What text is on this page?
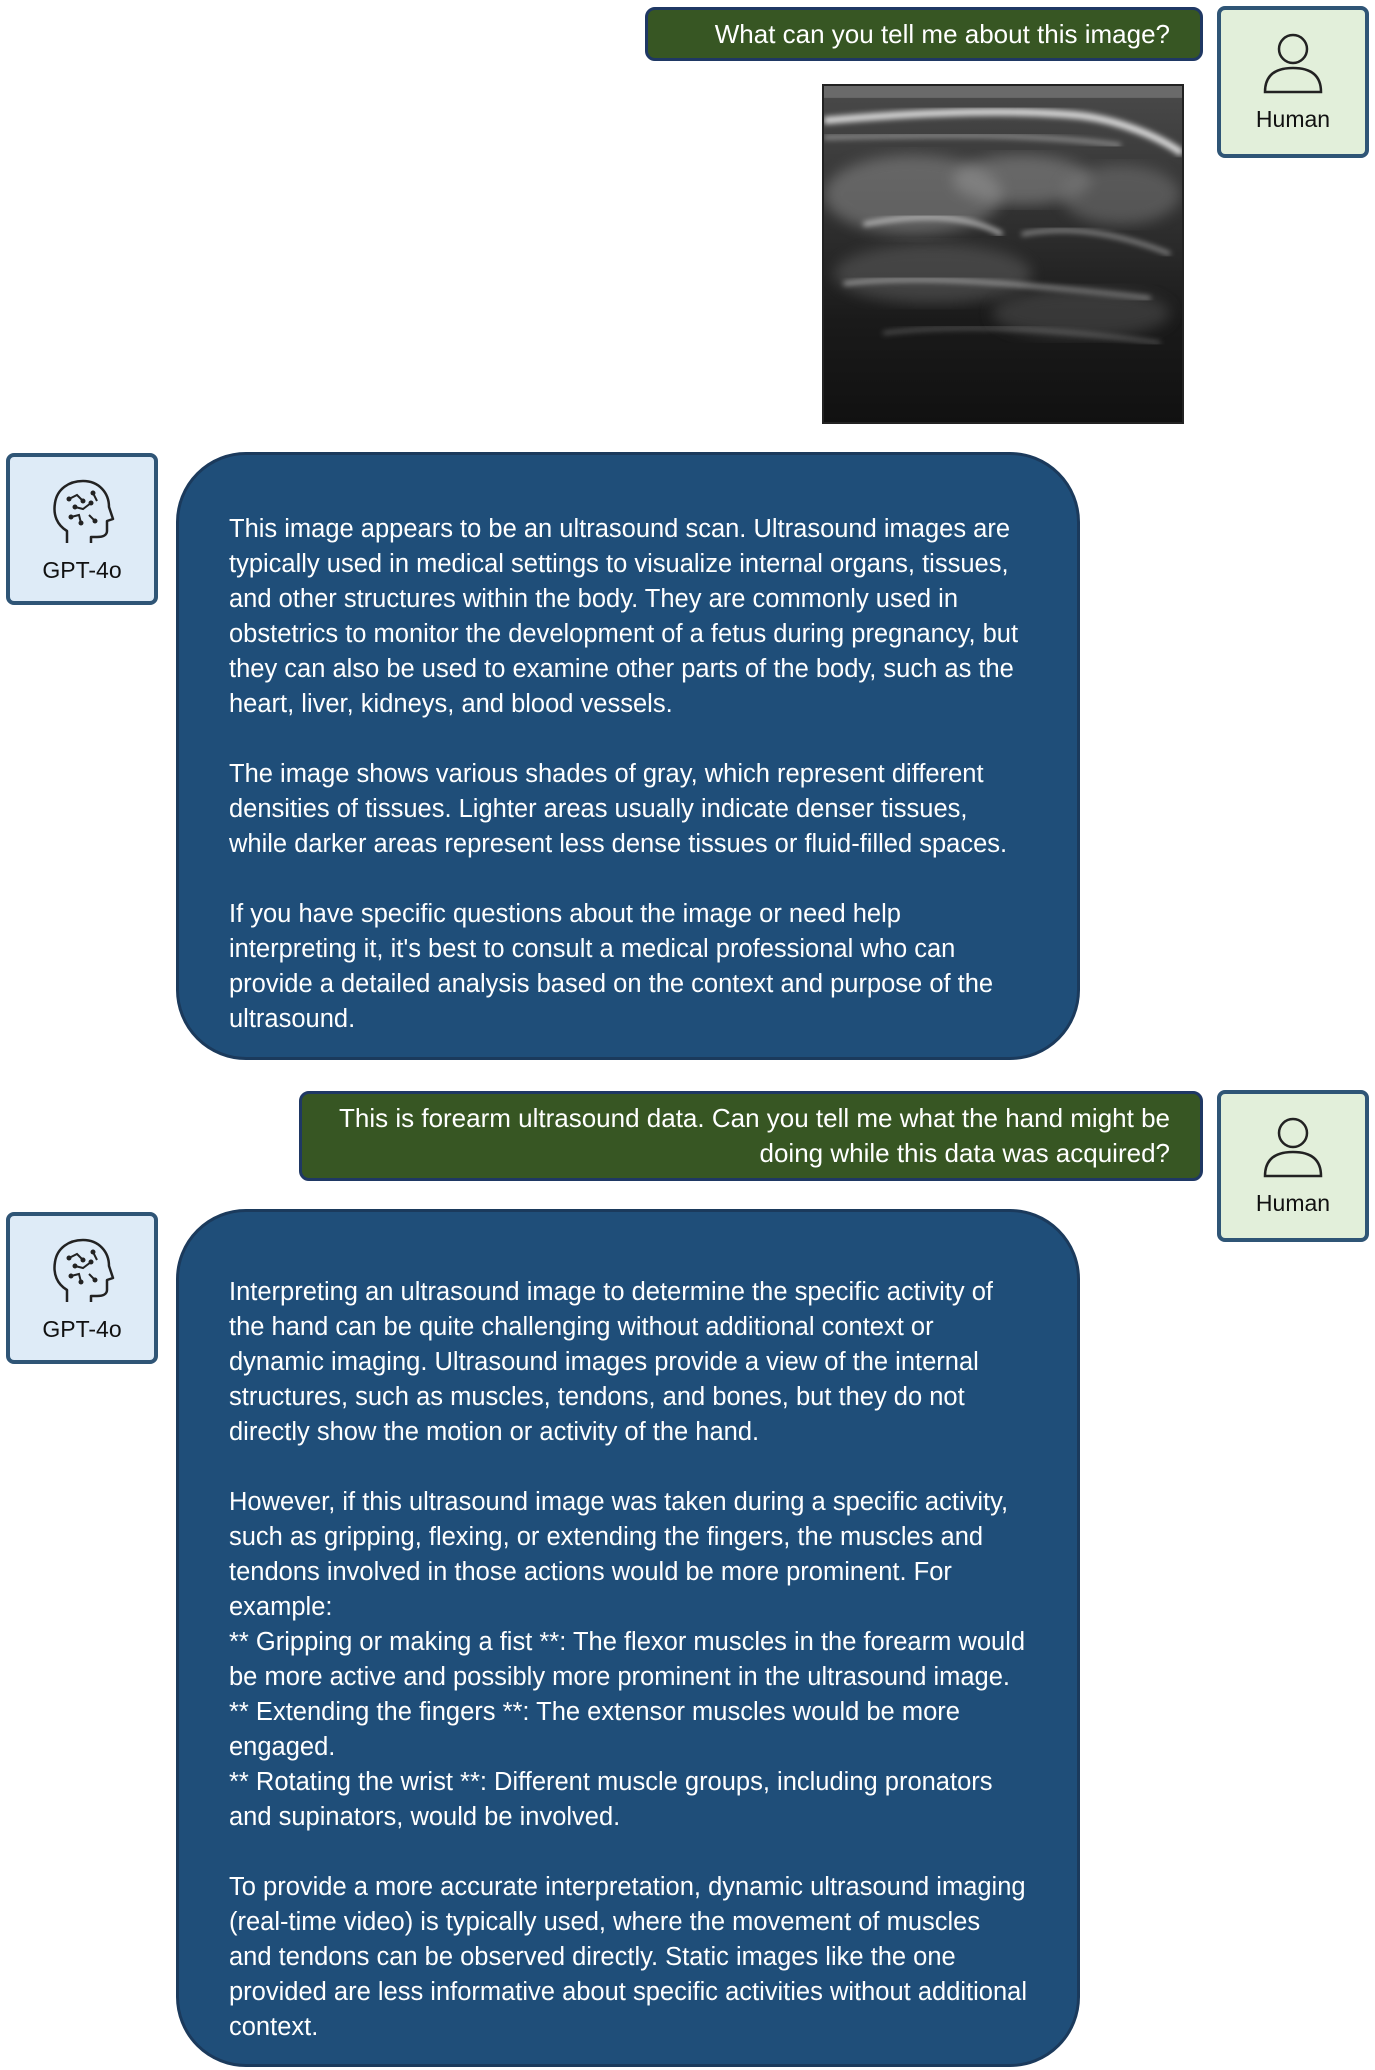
What can you tell me about this image?
Human
GPT-4o

This image appears to be an ultrasound scan. Ultrasound images are typically used in medical settings to visualize internal organs, tissues, and other structures within the body. They are commonly used in obstetrics to monitor the development of a fetus during pregnancy, but they can also be used to examine other parts of the body, such as the heart, liver, kidneys, and blood vessels.

The image shows various shades of gray, which represent different densities of tissues. Lighter areas usually indicate denser tissues, while darker areas represent less dense tissues or fluid-filled spaces.

If you have specific questions about the image or need help interpreting it, it's best to consult a medical professional who can provide a detailed analysis based on the context and purpose of the ultrasound.

This is forearm ultrasound data. Can you tell me what the hand might be doing while this data was acquired?
Human
GPT-4o

Interpreting an ultrasound image to determine the specific activity of the hand can be quite challenging without additional context or dynamic imaging. Ultrasound images provide a view of the internal structures, such as muscles, tendons, and bones, but they do not directly show the motion or activity of the hand.

However, if this ultrasound image was taken during a specific activity, such as gripping, flexing, or extending the fingers, the muscles and tendons involved in those actions would be more prominent. For example:
** Gripping or making a fist **: The flexor muscles in the forearm would be more active and possibly more prominent in the ultrasound image.
** Extending the fingers **: The extensor muscles would be more engaged.
** Rotating the wrist **: Different muscle groups, including pronators and supinators, would be involved.

To provide a more accurate interpretation, dynamic ultrasound imaging (real-time video) is typically used, where the movement of muscles and tendons can be observed directly. Static images like the one provided are less informative about specific activities without additional context.
